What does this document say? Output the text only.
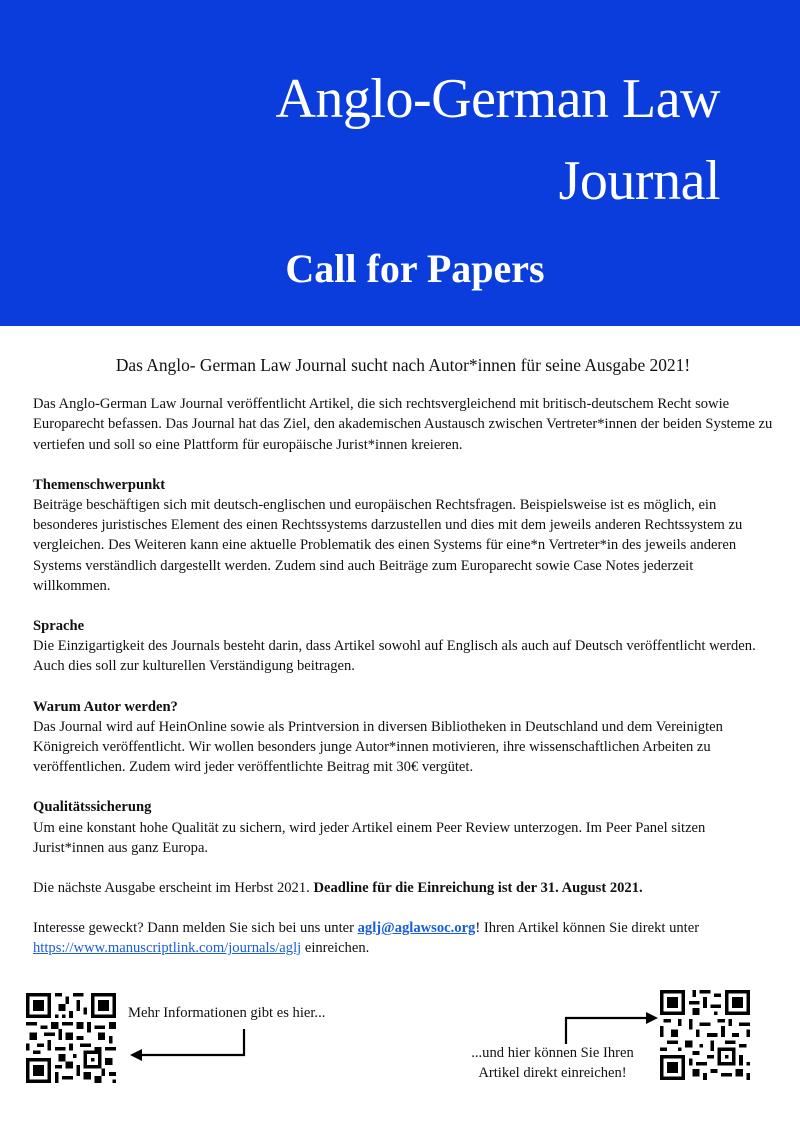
Anglo-German Law
Journal
Call for Papers

Das Anglo- German Law Journal sucht nach Autor*innen für seine Ausgabe 2021!

Das Anglo-German Law Journal veröffentlicht Artikel, die sich rechtsvergleichend mit britisch-deutschem Recht sowie Europarecht befassen. Das Journal hat das Ziel, den akademischen Austausch zwischen Vertreter*innen der beiden Systeme zu vertiefen und soll so eine Plattform für europäische Jurist*innen kreieren.

Themenschwerpunkt
Beiträge beschäftigen sich mit deutsch-englischen und europäischen Rechtsfragen. Beispielsweise ist es möglich, ein besonderes juristisches Element des einen Rechtssystems darzustellen und dies mit dem jeweils anderen Rechtssystem zu vergleichen. Des Weiteren kann eine aktuelle Problematik des einen Systems für eine*n Vertreter*in des jeweils anderen Systems verständlich dargestellt werden. Zudem sind auch Beiträge zum Europarecht sowie Case Notes jederzeit willkommen.

Sprache
Die Einzigartigkeit des Journals besteht darin, dass Artikel sowohl auf Englisch als auch auf Deutsch veröffentlicht werden. Auch dies soll zur kulturellen Verständigung beitragen.

Warum Autor werden?
Das Journal wird auf HeinOnline sowie als Printversion in diversen Bibliotheken in Deutschland und dem Vereinigten Königreich veröffentlicht. Wir wollen besonders junge Autor*innen motivieren, ihre wissenschaftlichen Arbeiten zu veröffentlichen. Zudem wird jeder veröffentlichte Beitrag mit 30€ vergütet.

Qualitätssicherung
Um eine konstant hohe Qualität zu sichern, wird jeder Artikel einem Peer Review unterzogen. Im Peer Panel sitzen Jurist*innen aus ganz Europa.

Die nächste Ausgabe erscheint im Herbst 2021. Deadline für die Einreichung ist der 31. August 2021.

Interesse geweckt? Dann melden Sie sich bei uns unter aglj@aglawsoc.org! Ihren Artikel können Sie direkt unter https://www.manuscriptlink.com/journals/aglj einreichen.

Mehr Informationen gibt es hier...
...und hier können Sie Ihren
Artikel direkt einreichen!
